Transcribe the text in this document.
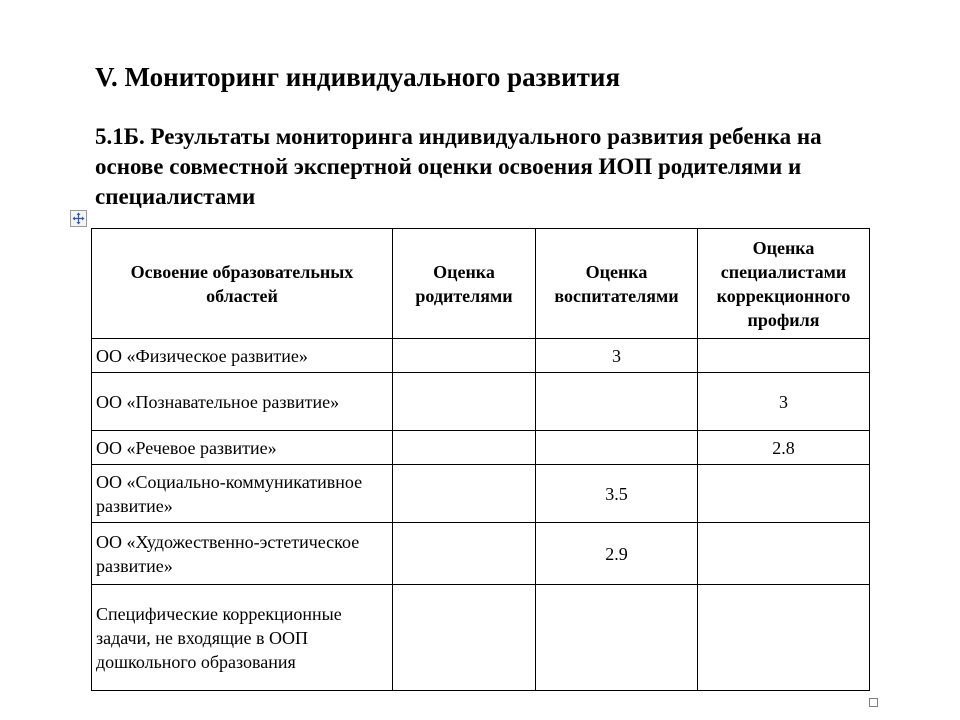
V. Мониторинг индивидуального развития
5.1Б. Результаты мониторинга индивидуального развития ребенка на основе совместной экспертной оценки освоения ИОП родителями и специалистами
Освоение образовательных областей	Оценка родителями	Оценка воспитателями	Оценка специалистами коррекционного профиля
ОО «Физическое развитие»		3	
ОО «Познавательное развитие»			3
ОО «Речевое развитие»			2.8
ОО «Социально-коммуникативное развитие»		3.5	
ОО «Художественно-эстетическое развитие»		2.9	
Специфические коррекционные задачи, не входящие в ООП дошкольного образования			
